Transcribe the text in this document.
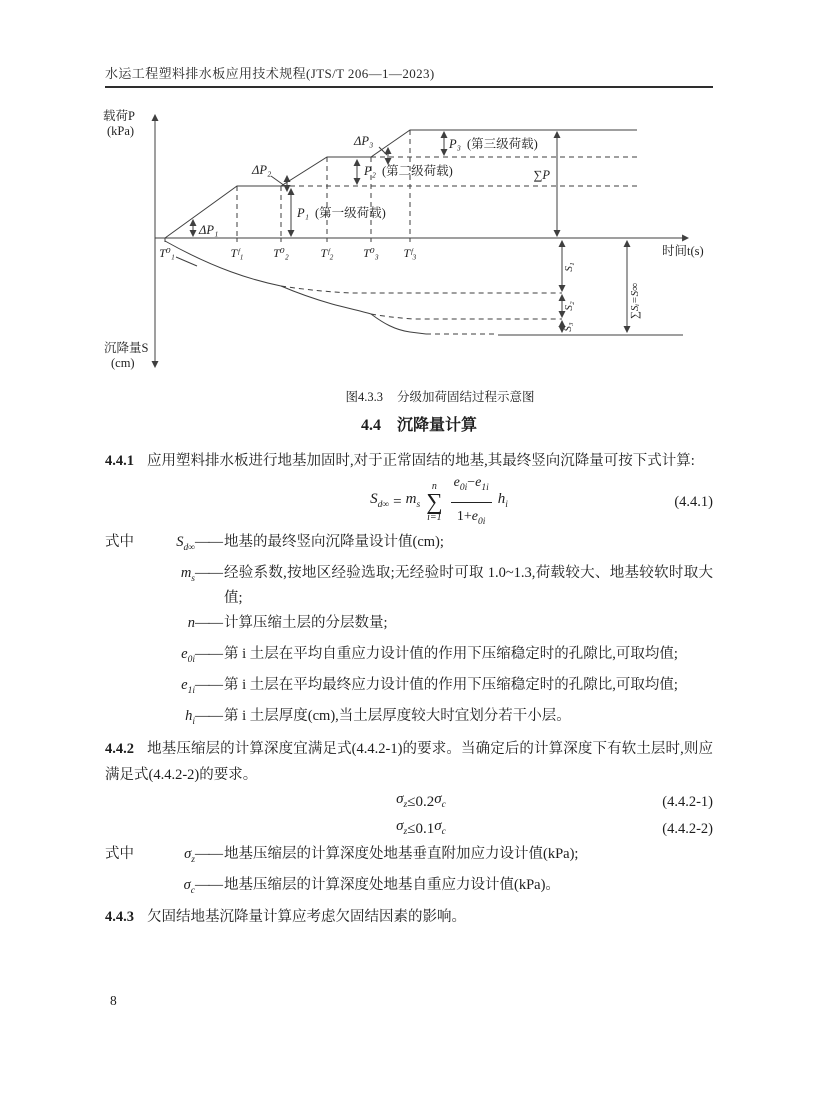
水运工程塑料排水板应用技术规程(JTS/T 206—1—2023)
载荷P
(kPa)
沉降量S
(cm)
时间t(s)
T⁰₁	Tᶠ₁ T⁰₂	Tᶠ₂ T⁰₃ Tᶠ₃
ΔP₁
ΔP₂
ΔP₃
P₁ (第一级荷载)
P₂ (第二级荷载)
P₃ (第三级荷载)
∑P
S₁
S₂
S₃
∑Sᵢ=S∞
图4.3.3 分级加荷固结过程示意图
4.4 沉降量计算

4.4.1 应用塑料排水板进行地基加固时,对于正常固结的地基,其最终竖向沉降量可按下式计算:

$S_{d\infty} = m_s$
n
∑
$i=1 \frac{e_{0i}-e_{1i}}{1+e_{0i}} h_i$	(4.4.1)
式中	$S_{d\infty}$ —— 地基的最终竖向沉降量设计值(cm);
$m_s$ —— 经验系数,按地区经验选取;无经验时可取 1.0~1.3,荷载较大、地基较软时取大值;
n —— 计算压缩土层的分层数量;
$e_{0i}$ —— 第 i 土层在平均自重应力设计值的作用下压缩稳定时的孔隙比,可取均值;
$e_{1i}$ —— 第 i 土层在平均最终应力设计值的作用下压缩稳定时的孔隙比,可取均值;
$h_i$ —— 第 i 土层厚度(cm),当土层厚度较大时宜划分若干小层。

4.4.2 地基压缩层的计算深度宜满足式(4.4.2-1)的要求。当确定后的计算深度下有软土层时,则应满足式(4.4.2-2)的要求。

$\sigma_z \le 0.2$ $\sigma_c$	(4.4.2-1)
$\sigma_z \le 0.1$ $\sigma_c$	(4.4.2-2)
式中	$\sigma_z$ —— 地基压缩层的计算深度处地基垂直附加应力设计值(kPa);
$\sigma_c$ —— 地基压缩层的计算深度处地基自重应力设计值(kPa)。

4.4.3 欠固结地基沉降量计算应考虑欠固结因素的影响。

8
